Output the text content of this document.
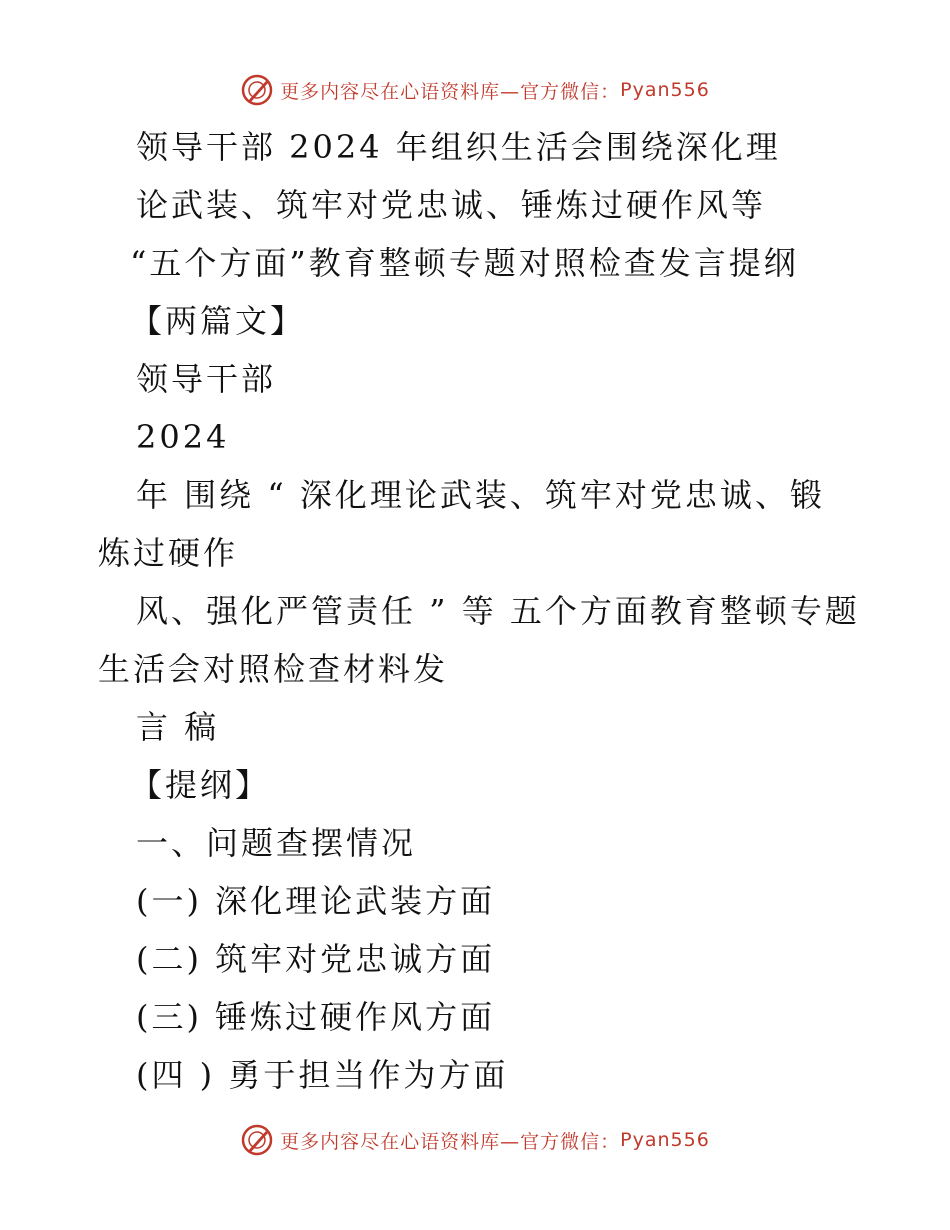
更多内容尽在心语资料库—官方微信： Pyan556
领导干部 2024 年组织生活会围绕深化理
论武装、筑牢对党忠诚、锤炼过硬作风等
“五个方面”教育整顿专题对照检查发言提纲
【两篇文】
领导干部
2024
年 围绕 “ 深化理论武装、筑牢对党忠诚、锻
炼过硬作
风、强化严管责任 ” 等 五个方面教育整顿专题
生活会对照检查材料发
言 稿
【提纲】
一、问题查摆情况
(一) 深化理论武装方面
(二) 筑牢对党忠诚方面
(三) 锤炼过硬作风方面
(四 ) 勇于担当作为方面
更多内容尽在心语资料库—官方微信： Pyan556
